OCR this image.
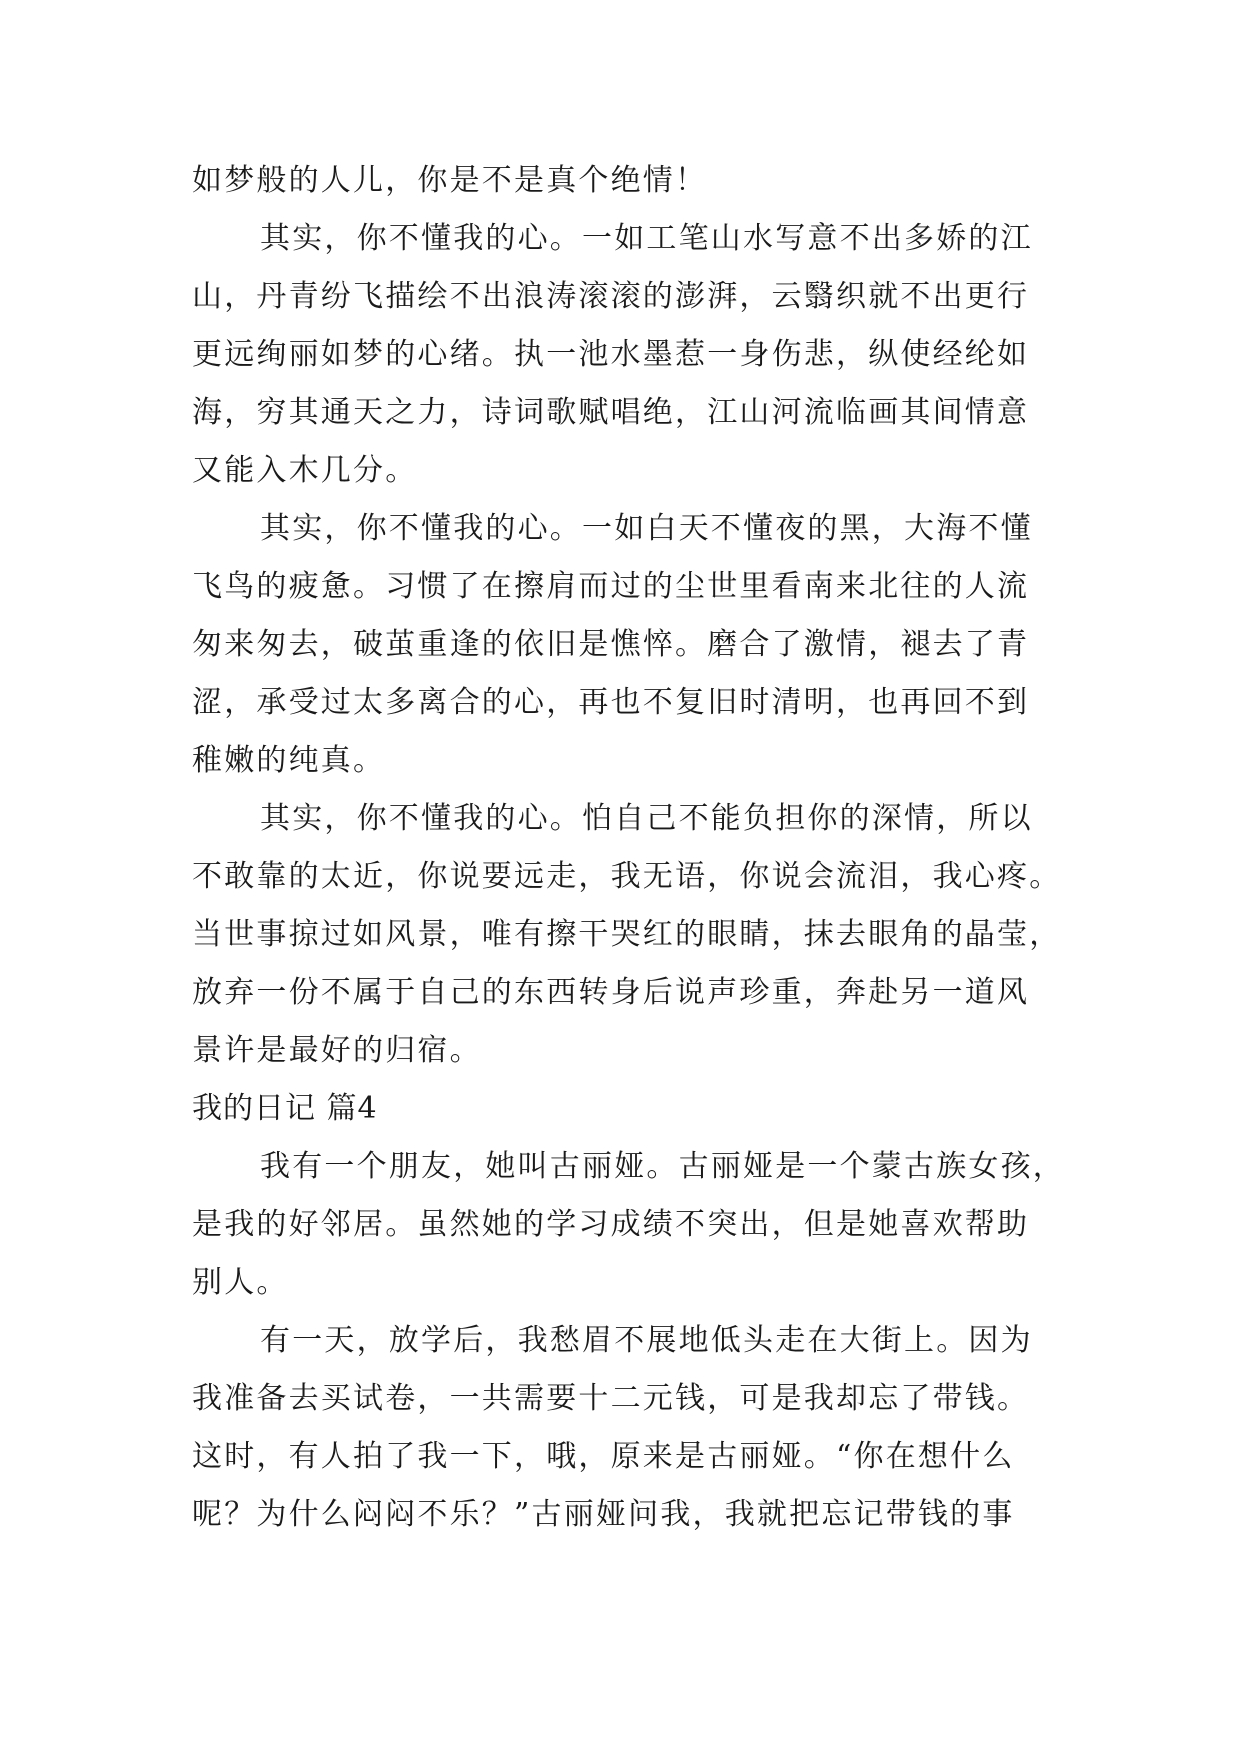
如梦般的人儿，你是不是真个绝情！
其实，你不懂我的心。一如工笔山水写意不出多娇的江
山，丹青纷飞描绘不出浪涛滚滚的澎湃，云翳织就不出更行
更远绚丽如梦的心绪。执一池水墨惹一身伤悲，纵使经纶如
海，穷其通天之力，诗词歌赋唱绝，江山河流临画其间情意
又能入木几分。
其实，你不懂我的心。一如白天不懂夜的黑，大海不懂
飞鸟的疲惫。习惯了在擦肩而过的尘世里看南来北往的人流
匆来匆去，破茧重逢的依旧是憔悴。磨合了激情，褪去了青
涩，承受过太多离合的心，再也不复旧时清明，也再回不到
稚嫩的纯真。
其实，你不懂我的心。怕自己不能负担你的深情，所以
不敢靠的太近，你说要远走，我无语，你说会流泪，我心疼。
当世事掠过如风景，唯有擦干哭红的眼睛，抹去眼角的晶莹，
放弃一份不属于自己的东西转身后说声珍重，奔赴另一道风
景许是最好的归宿。
我的日记 篇4
我有一个朋友，她叫古丽娅。古丽娅是一个蒙古族女孩，
是我的好邻居。虽然她的学习成绩不突出，但是她喜欢帮助
别人。
有一天，放学后，我愁眉不展地低头走在大街上。因为
我准备去买试卷，一共需要十二元钱，可是我却忘了带钱。
这时，有人拍了我一下，哦，原来是古丽娅。“你在想什么
呢？为什么闷闷不乐？”古丽娅问我，我就把忘记带钱的事
